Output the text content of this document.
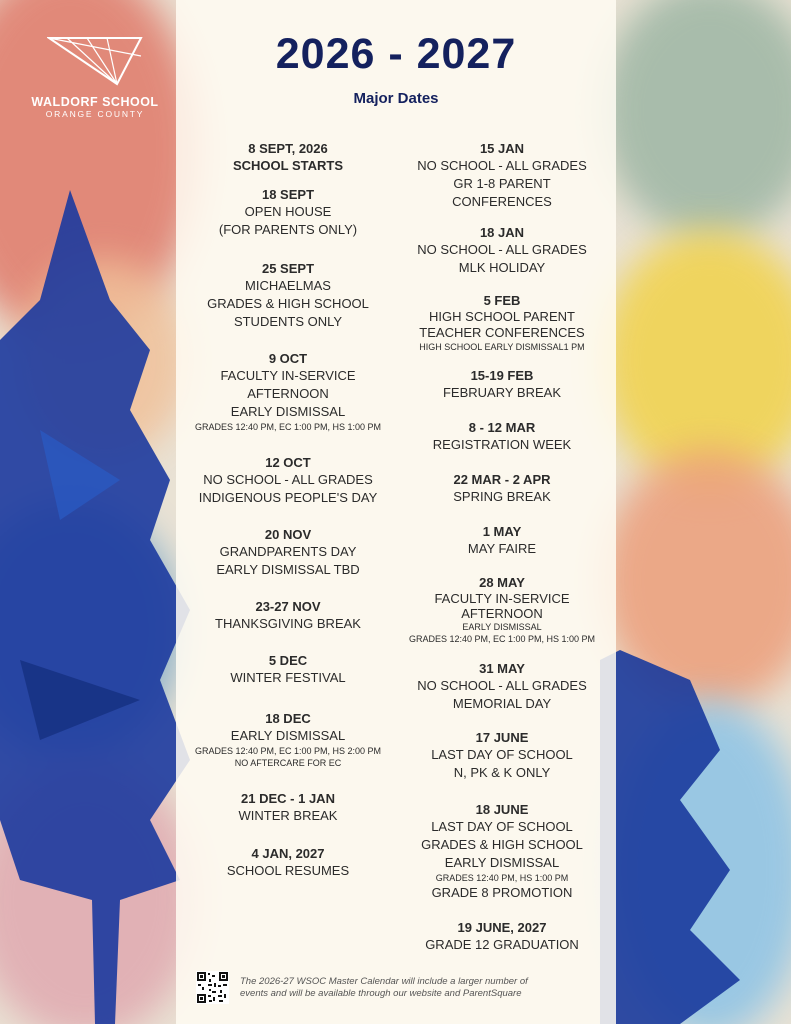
WALDORF SCHOOL
ORANGE COUNTY
2026 - 2027
Major Dates
8 SEPT, 2026
SCHOOL STARTS
18 SEPT
OPEN HOUSE
(FOR PARENTS ONLY)
25 SEPT
MICHAELMAS
GRADES & HIGH SCHOOL
STUDENTS ONLY
9 OCT
FACULTY IN-SERVICE
AFTERNOON
EARLY DISMISSAL
GRADES 12:40 PM, EC 1:00 PM, HS 1:00 PM
12 OCT
NO SCHOOL - ALL GRADES
INDIGENOUS PEOPLE'S DAY
20 NOV
GRANDPARENTS DAY
EARLY DISMISSAL TBD
23-27 NOV
THANKSGIVING BREAK
5 DEC
WINTER FESTIVAL
18 DEC
EARLY DISMISSAL
GRADES 12:40 PM, EC 1:00 PM, HS 2:00 PM
NO AFTERCARE FOR EC
21 DEC - 1 JAN
WINTER BREAK
4 JAN, 2027
SCHOOL RESUMES
15 JAN
NO SCHOOL - ALL GRADES
GR 1-8 PARENT
CONFERENCES
18 JAN
NO SCHOOL - ALL GRADES
MLK HOLIDAY
5 FEB
HIGH SCHOOL PARENT
TEACHER CONFERENCES
HIGH SCHOOL EARLY DISMISSAL1 PM
15-19 FEB
FEBRUARY BREAK
8 - 12 MAR
REGISTRATION WEEK
22 MAR - 2 APR
SPRING BREAK
1 MAY
MAY FAIRE
28 MAY
FACULTY IN-SERVICE
AFTERNOON
EARLY DISMISSAL
GRADES 12:40 PM, EC 1:00 PM, HS 1:00 PM
31 MAY
NO SCHOOL - ALL GRADES
MEMORIAL DAY
17 JUNE
LAST DAY OF SCHOOL
N, PK & K ONLY
18 JUNE
LAST DAY OF SCHOOL
GRADES & HIGH SCHOOL
EARLY DISMISSAL
GRADES 12:40 PM, HS 1:00 PM
GRADE 8 PROMOTION
19 JUNE, 2027
GRADE 12 GRADUATION
The 2026-27 WSOC Master Calendar will include a larger number of
events and will be available through our website and ParentSquare
